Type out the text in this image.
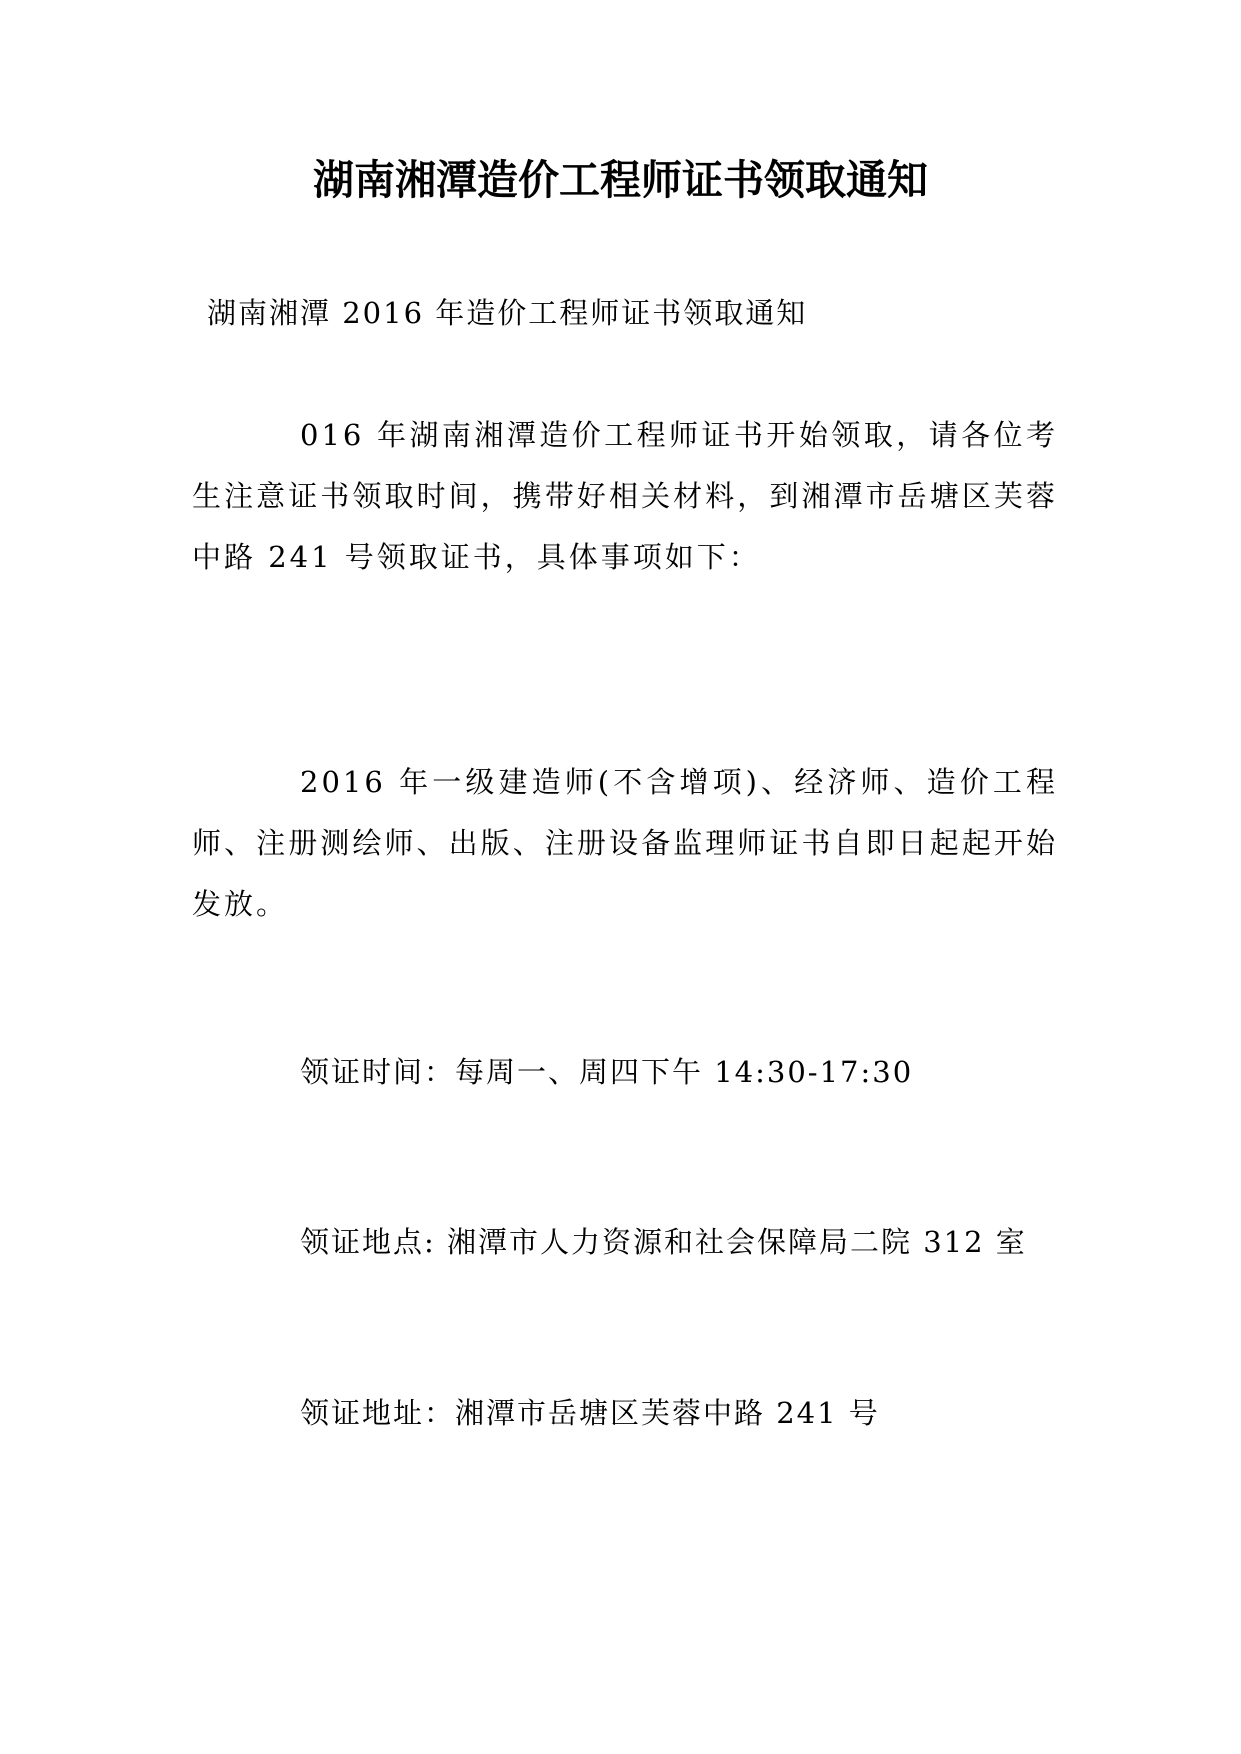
湖南湘潭造价工程师证书领取通知
湖南湘潭 2016 年造价工程师证书领取通知

016 年湖南湘潭造价工程师证书开始领取，请各位考生注意证书领取时间，携带好相关材料，到湘潭市岳塘区芙蓉中路 241 号领取证书，具体事项如下：

2016 年一级建造师(不含增项)、经济师、造价工程师、注册测绘师、出版、注册设备监理师证书自即日起起开始发放。

领证时间：每周一、周四下午 14:30-17:30

领证地点: 湘潭市人力资源和社会保障局二院 312 室

领证地址：湘潭市岳塘区芙蓉中路 241 号
